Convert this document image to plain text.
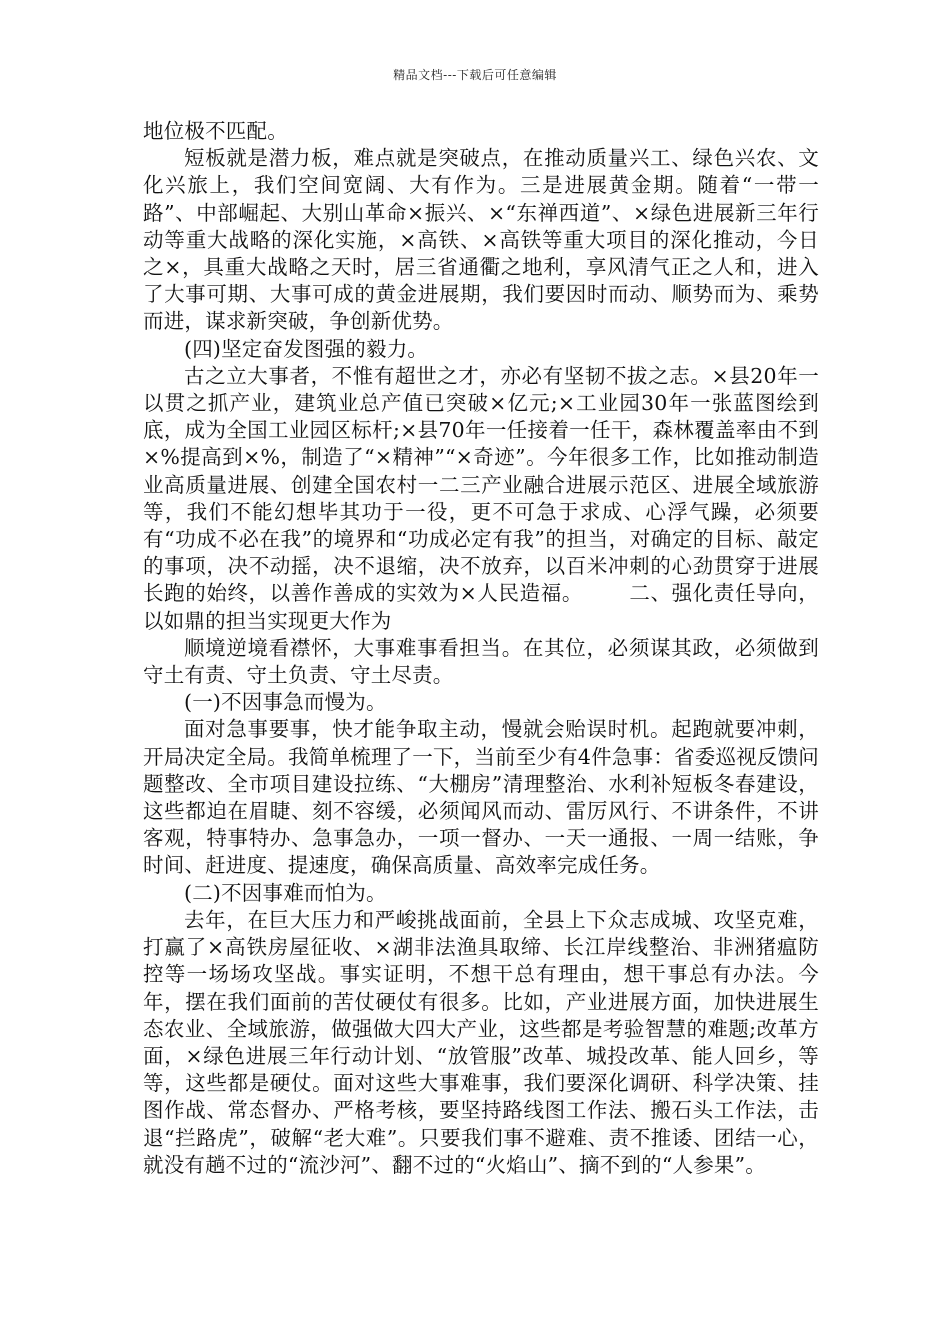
精品文档---下载后可任意编辑

地位极不匹配。

短板就是潜力板，难点就是突破点，在推动质量兴工、绿色兴农、文化兴旅上，我们空间宽阔、大有作为。三是进展黄金期。随着“一带一路”、中部崛起、大别山革命×振兴、×“东禅西道”、×绿色进展新三年行动等重大战略的深化实施，×高铁、×高铁等重大项目的深化推动，今日之×，具重大战略之天时，居三省通衢之地利，享风清气正之人和，进入了大事可期、大事可成的黄金进展期，我们要因时而动、顺势而为、乘势而进，谋求新突破，争创新优势。

(四)坚定奋发图强的毅力。

古之立大事者，不惟有超世之才，亦必有坚韧不拔之志。×县20年一以贯之抓产业，建筑业总产值已突破×亿元;×工业园30年一张蓝图绘到底，成为全国工业园区标杆;×县70年一任接着一任干，森林覆盖率由不到×%提高到×%，制造了“×精神”“×奇迹”。今年很多工作，比如推动制造业高质量进展、创建全国农村一二三产业融合进展示范区、进展全域旅游等，我们不能幻想毕其功于一役，更不可急于求成、心浮气躁，必须要有“功成不必在我”的境界和“功成必定有我”的担当，对确定的目标、敲定的事项，决不动摇，决不退缩，决不放弃，以百米冲刺的心劲贯穿于进展长跑的始终，以善作善成的实效为×人民造福。 二、强化责任导向，以如鼎的担当实现更大作为

顺境逆境看襟怀，大事难事看担当。在其位，必须谋其政，必须做到守土有责、守土负责、守土尽责。

(一)不因事急而慢为。

面对急事要事，快才能争取主动，慢就会贻误时机。起跑就要冲刺，开局决定全局。我简单梳理了一下，当前至少有4件急事：省委巡视反馈问题整改、全市项目建设拉练、“大棚房”清理整治、水利补短板冬春建设，这些都迫在眉睫、刻不容缓，必须闻风而动、雷厉风行、不讲条件，不讲客观，特事特办、急事急办，一项一督办、一天一通报、一周一结账，争时间、赶进度、提速度，确保高质量、高效率完成任务。

(二)不因事难而怕为。

去年，在巨大压力和严峻挑战面前，全县上下众志成城、攻坚克难，打赢了×高铁房屋征收、×湖非法渔具取缔、长江岸线整治、非洲猪瘟防控等一场场攻坚战。事实证明，不想干总有理由，想干事总有办法。今年，摆在我们面前的苦仗硬仗有很多。比如，产业进展方面，加快进展生态农业、全域旅游，做强做大四大产业，这些都是考验智慧的难题;改革方面，×绿色进展三年行动计划、“放管服”改革、城投改革、能人回乡，等等，这些都是硬仗。面对这些大事难事，我们要深化调研、科学决策、挂图作战、常态督办、严格考核，要坚持路线图工作法、搬石头工作法，击退“拦路虎”，破解“老大难”。只要我们事不避难、责不推诿、团结一心，就没有趟不过的“流沙河”、翻不过的“火焰山”、摘不到的“人参果”。
